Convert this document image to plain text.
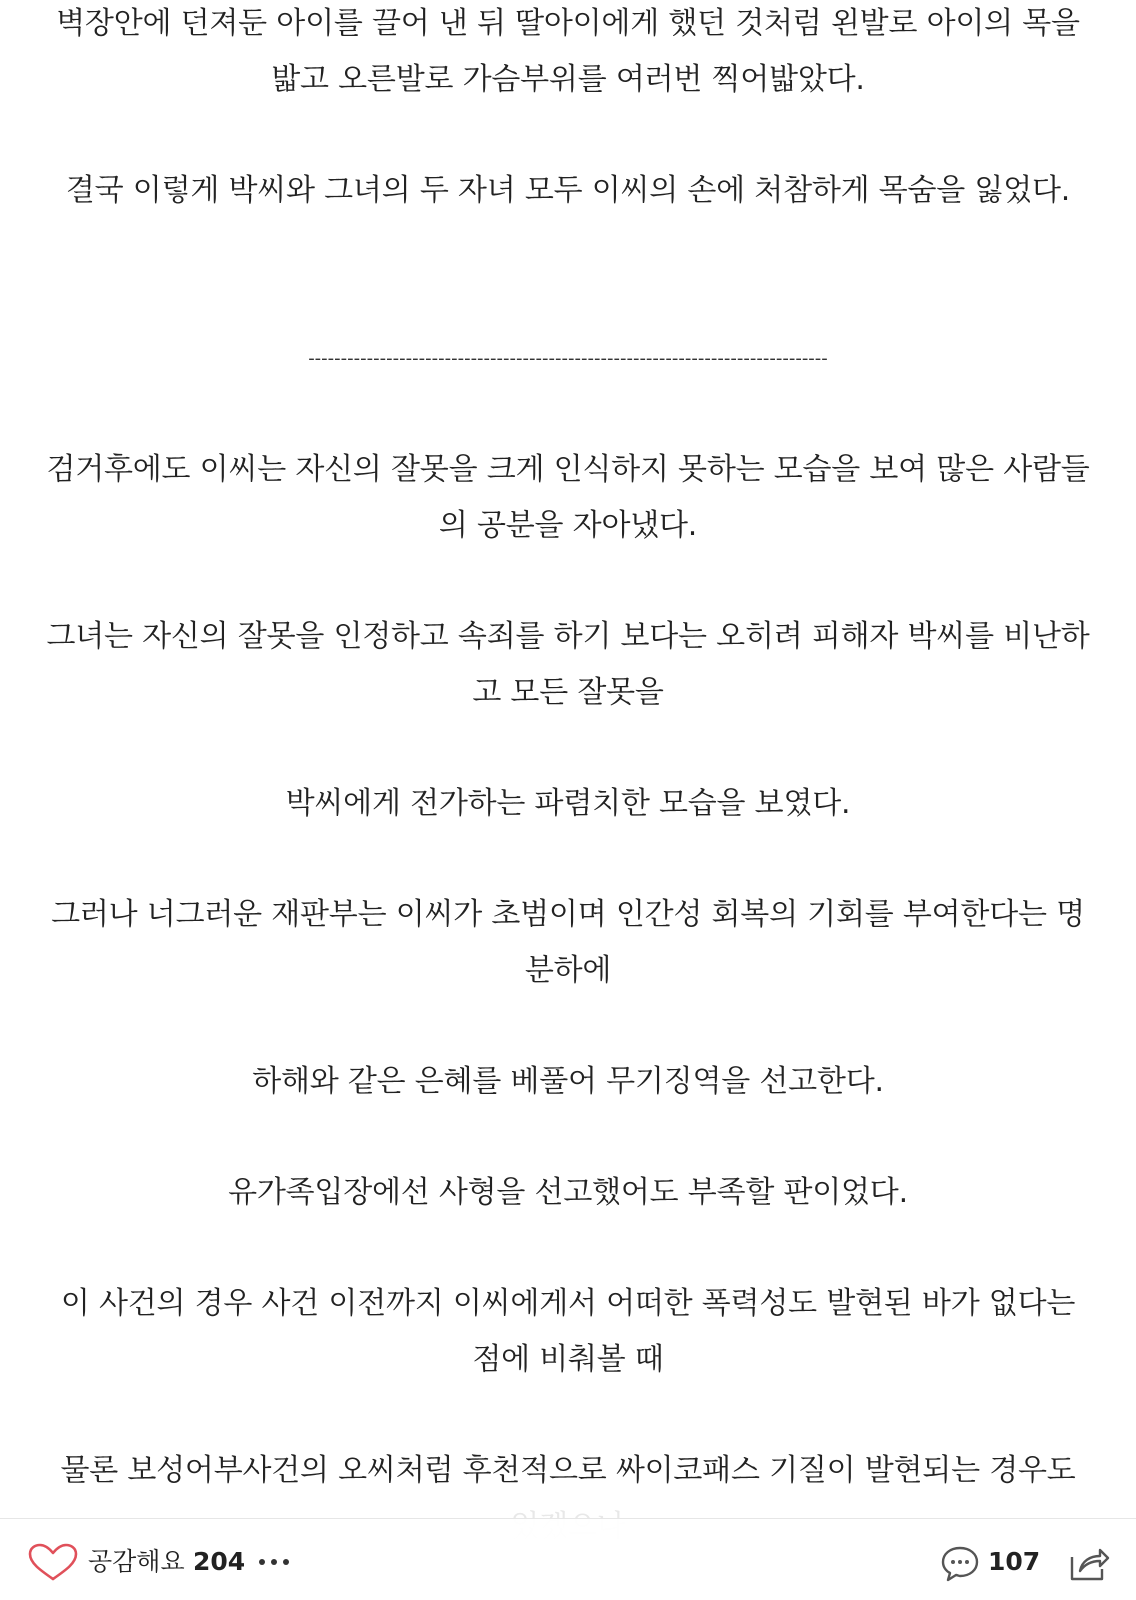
벽장안에 던져둔 아이를 끌어 낸 뒤 딸아이에게 했던 것처럼 왼발로 아이의 목을
밟고 오른발로 가슴부위를 여러번 찍어밟았다.
결국 이렇게 박씨와 그녀의 두 자녀 모두 이씨의 손에 처참하게 목숨을 잃었다.
--------------------------------------------------------------------------------
검거후에도 이씨는 자신의 잘못을 크게 인식하지 못하는 모습을 보여 많은 사람들
의 공분을 자아냈다.
그녀는 자신의 잘못을 인정하고 속죄를 하기 보다는 오히려 피해자 박씨를 비난하
고 모든 잘못을
박씨에게 전가하는 파렴치한 모습을 보였다.
그러나 너그러운 재판부는 이씨가 초범이며 인간성 회복의 기회를 부여한다는 명
분하에
하해와 같은 은혜를 베풀어 무기징역을 선고한다.
유가족입장에선 사형을 선고했어도 부족할 판이었다.
이 사건의 경우 사건 이전까지 이씨에게서 어떠한 폭력성도 발현된 바가 없다는
점에 비춰볼 때
물론 보성어부사건의 오씨처럼 후천적으로 싸이코패스 기질이 발현되는 경우도
공감해요 204	107
